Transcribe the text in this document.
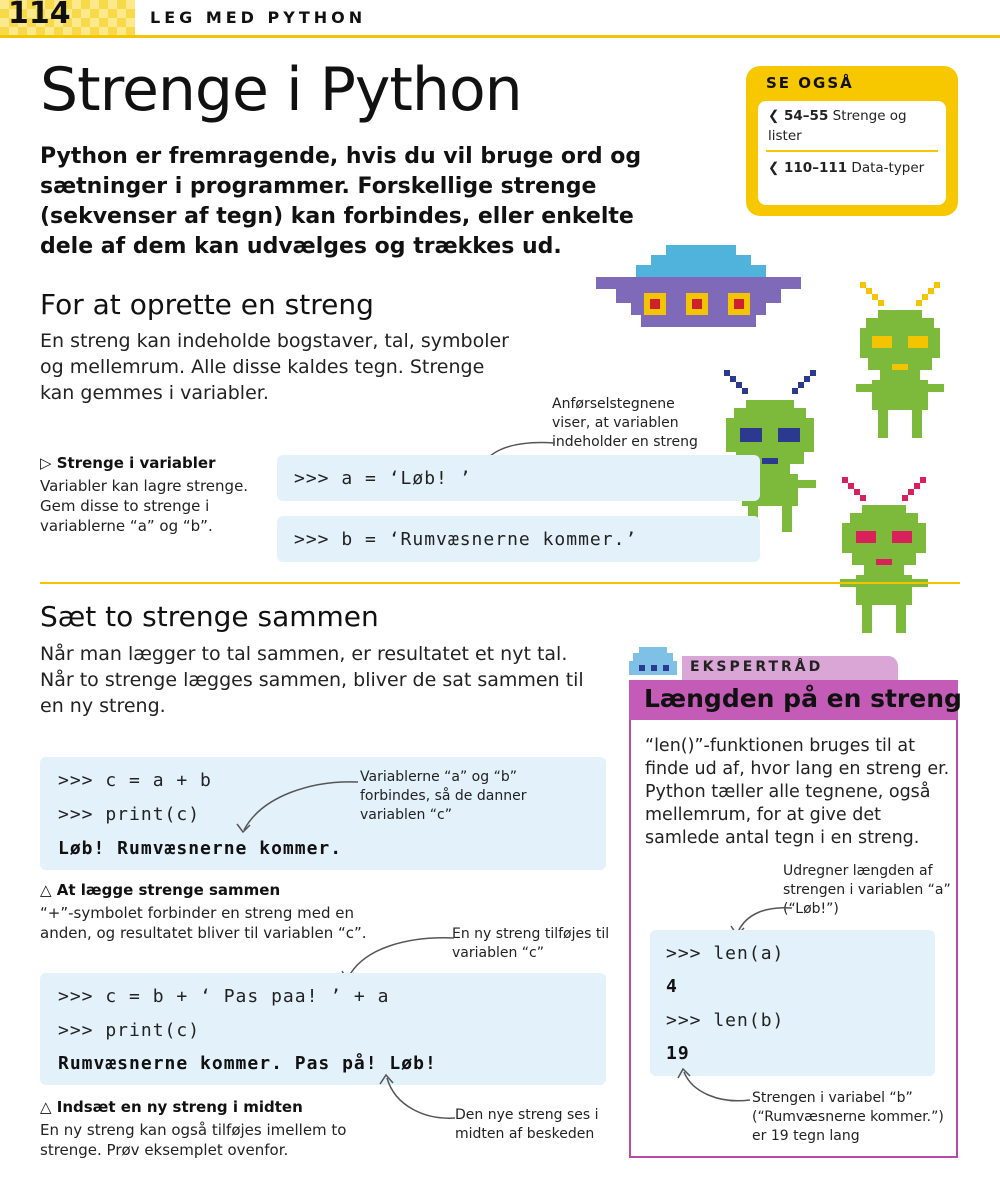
114	LEG MED PYTHON
Strenge i Python
Python er fremragende, hvis du vil bruge ord og sætninger i programmer. Forskellige strenge (sekvenser af tegn) kan forbindes, eller enkelte dele af dem kan udvælges og trækkes ud.
SE OGSÅ
❮ 54–55 Strenge og lister
❮ 110–111 Data-typer
For at oprette en streng
En streng kan indeholde bogstaver, tal, symboler og mellemrum. Alle disse kaldes tegn. Strenge kan gemmes i variabler.	Anførselstegnene viser, at variablen indeholder en streng
▷ Strenge i variabler
Variabler kan lagre strenge. Gem disse to strenge i variablerne “a” og “b”.
>>> a = ‘Løb! ’
>>> b = ‘Rumvæsnerne kommer.’
Sæt to strenge sammen
Når man lægger to tal sammen, er resultatet et nyt tal. Når to strenge lægges sammen, bliver de sat sammen til en ny streng.
>>> c = a + b
>>> print(c)
Løb! Rumvæsnerne kommer.
Variablerne “a” og “b” forbindes, så de danner variablen “c”
△ At lægge strenge sammen
“+”-symbolet forbinder en streng med en anden, og resultatet bliver til variablen “c”.	En ny streng tilføjes til variablen “c”
>>> c = b + ‘ Pas paa! ’ + a
>>> print(c)
Rumvæsnerne kommer. Pas på! Løb!
△ Indsæt en ny streng i midten
En ny streng kan også tilføjes imellem to strenge. Prøv eksemplet ovenfor.
Den nye streng ses i midten af beskeden
EKSPERTRÅD
Længden på en streng
“len()”-funktionen bruges til at finde ud af, hvor lang en streng er. Python tæller alle tegnene, også mellemrum, for at give det samlede antal tegn i en streng.
Udregner længden af strengen i variablen “a” (“Løb!”)
>>> len(a)
4
>>> len(b)
19
Strengen i variabel “b” (“Rumvæsnerne kommer.”) er 19 tegn lang
